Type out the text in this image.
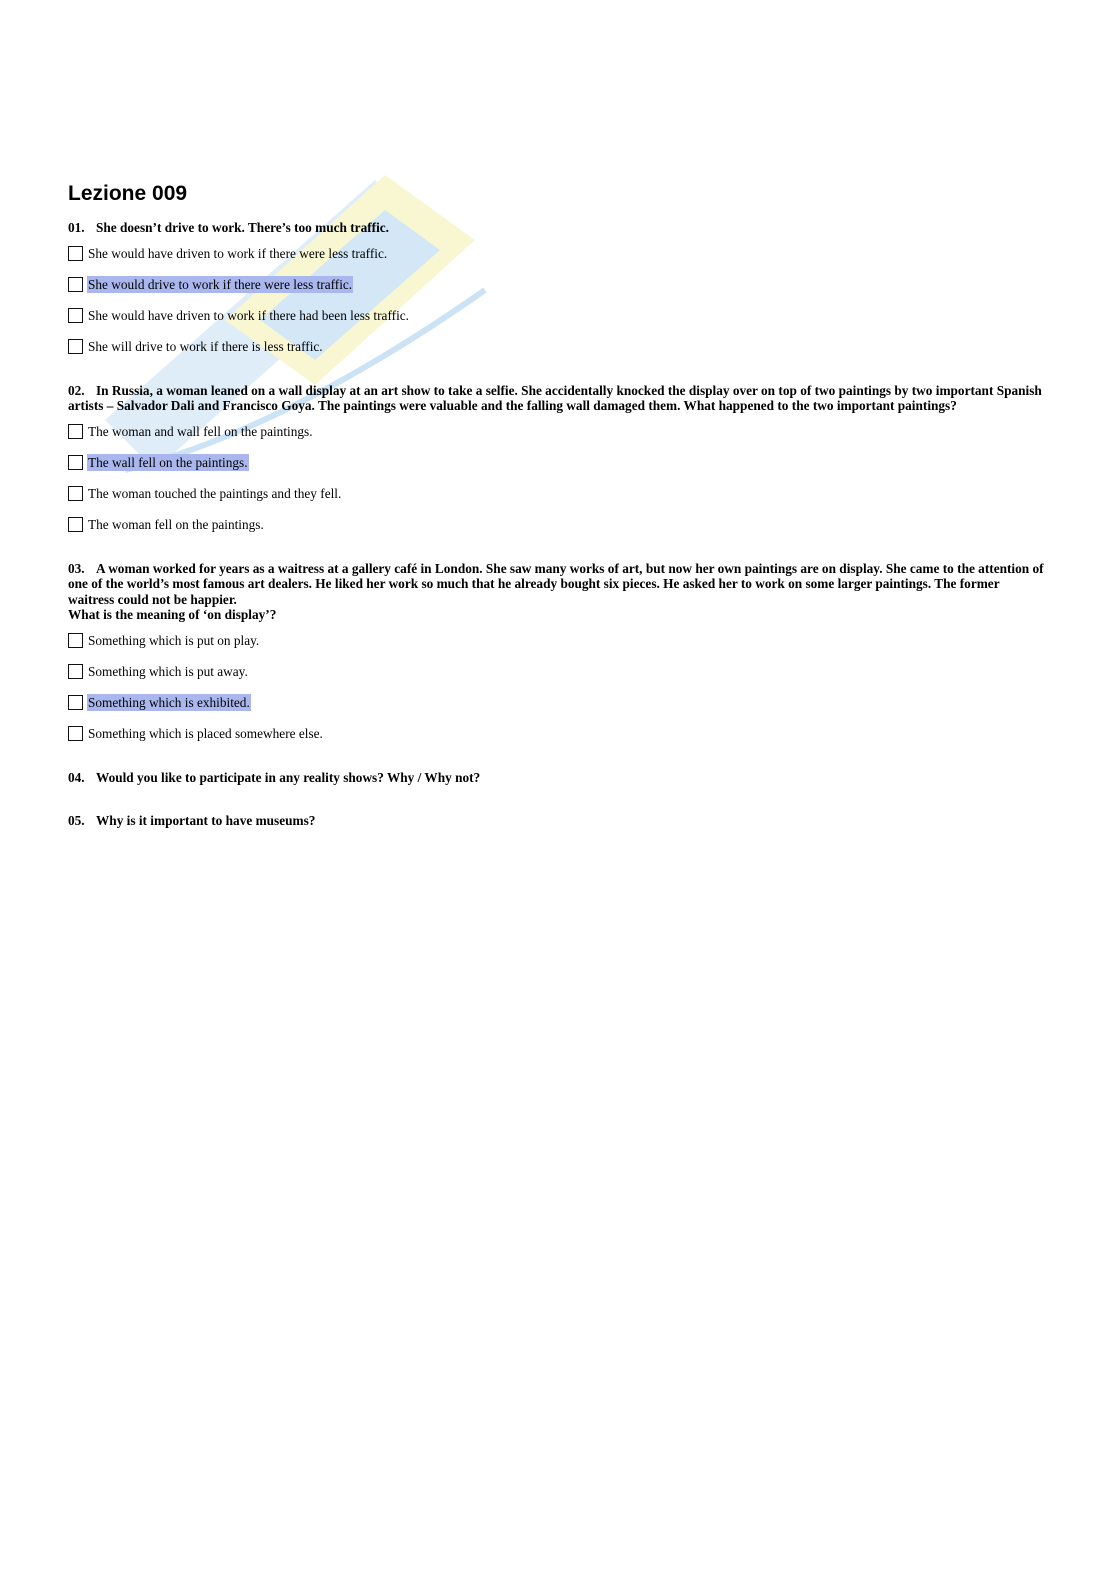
Lezione 009
01. She doesn’t drive to work. There’s too much traffic.
She would have driven to work if there were less traffic.
She would drive to work if there were less traffic.
She would have driven to work if there had been less traffic.
She will drive to work if there is less traffic.
02. In Russia, a woman leaned on a wall display at an art show to take a selfie. She accidentally knocked the display over on top of two paintings by two important Spanish artists – Salvador Dali and Francisco Goya. The paintings were valuable and the falling wall damaged them. What happened to the two important paintings?
The woman and wall fell on the paintings.
The wall fell on the paintings.
The woman touched the paintings and they fell.
The woman fell on the paintings.
03. A woman worked for years as a waitress at a gallery café in London. She saw many works of art, but now her own paintings are on display. She came to the attention of one of the world’s most famous art dealers. He liked her work so much that he already bought six pieces. He asked her to work on some larger paintings. The former waitress could not be happier.
What is the meaning of ‘on display’?
Something which is put on play.
Something which is put away.
Something which is exhibited.
Something which is placed somewhere else.
04. Would you like to participate in any reality shows? Why / Why not?
05. Why is it important to have museums?
